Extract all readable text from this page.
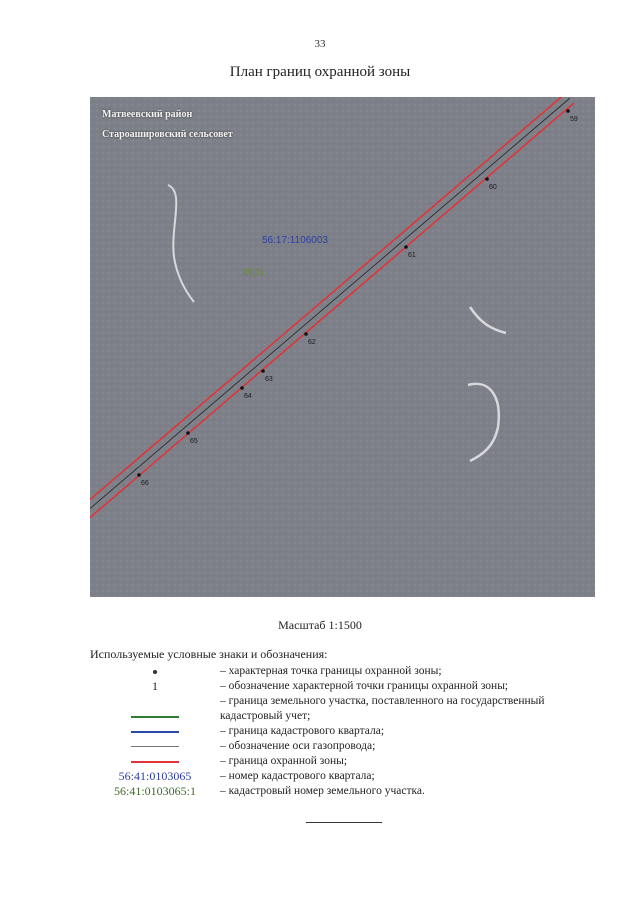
33
План границ охранной зоны
Матвеевский район
Староашировский сельсовет
56:17:1106003
:89(1)
59
60
61
62
63
64
65
66
Масштаб 1:1500
Используемые условные знаки и обозначения:
– характерная точка границы охранной зоны;
1	– обозначение характерной точки границы охранной зоны;
– граница земельного участка, поставленного на государственный кадастровый учет;
– граница кадастрового квартала;
– обозначение оси газопровода;
– граница охранной зоны;
56:41:0103065	– номер кадастрового квартала;
56:41:0103065:1	– кадастровый номер земельного участка.
